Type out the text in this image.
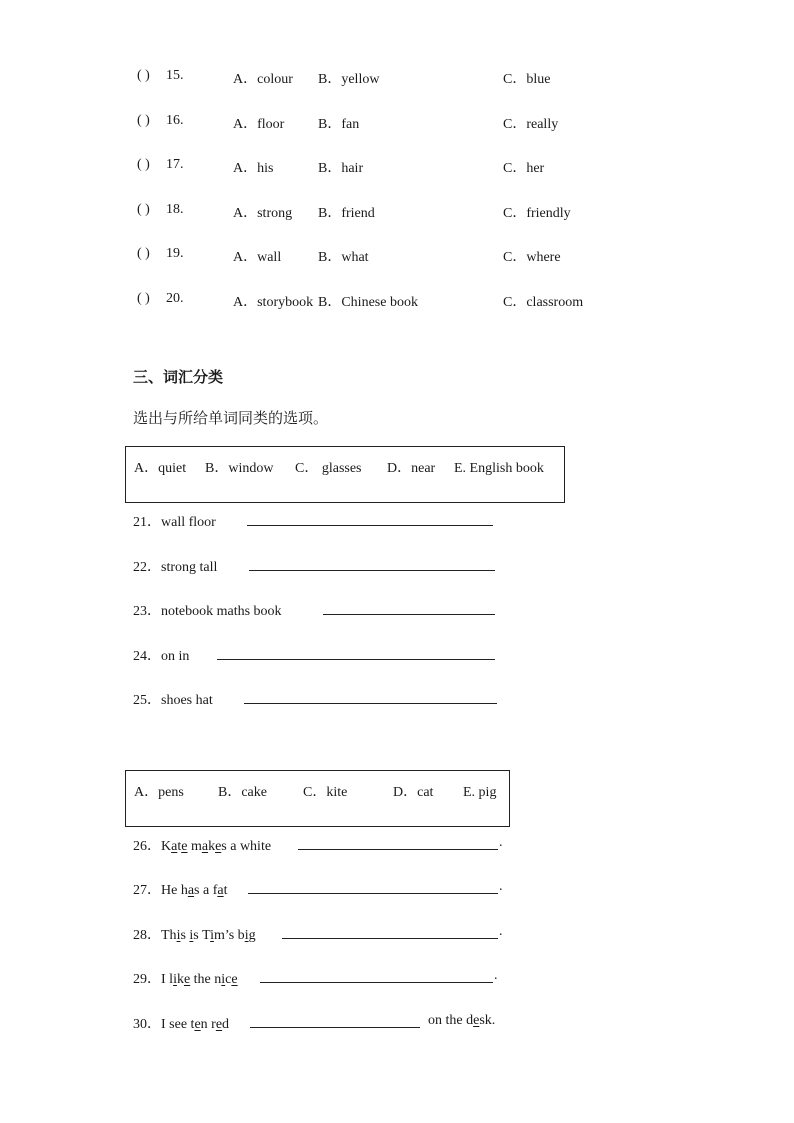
( ) 15.	A．colour B．yellow	C．blue
( ) 16.	A．floor B．fan	C．really
( ) 17.	A．his	B．hair	C．her
( ) 18.	A．strong B．friend	C．friendly
( ) 19.	A．wall	B．what	C．where
( ) 20.	A．storybook B．Chinese book	C．classroom
三、词汇分类
选出与所给单词同类的选项。
A．quiet B．window C． glasses D．near E. English book
21．wall floor
22．strong tall
23．notebook maths book
24．on in
25．shoes hat
A．pens B．cake	C．kite	D．cat E. pig
26．Kate makes a white	.
27．He has a fat	.
28．This is Tim’s big	.
29．I like the nice	.
30．I see ten red	on the desk.
